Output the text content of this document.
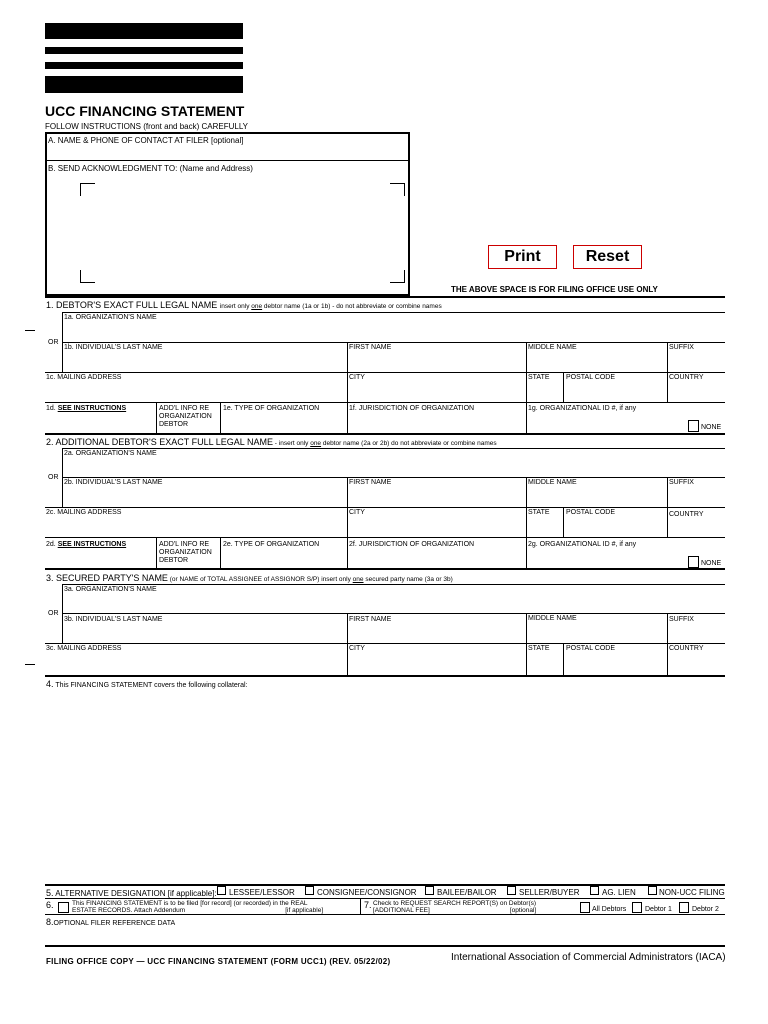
UCC FINANCING STATEMENT
FOLLOW INSTRUCTIONS (front and back) CAREFULLY
A. NAME & PHONE OF CONTACT AT FILER [optional]
B. SEND ACKNOWLEDGMENT TO: (Name and Address)
Print	Reset
THE ABOVE SPACE IS FOR FILING OFFICE USE ONLY
1. DEBTOR'S EXACT FULL LEGAL NAME insert only one debtor name (1a or 1b) - do not abbreviate or combine names
1a. ORGANIZATION'S NAME
OR
1b. INDIVIDUAL'S LAST NAME	FIRST NAME	MIDDLE NAME	SUFFIX
1c. MAILING ADDRESS	CITY	STATE POSTAL CODE	COUNTRY
1d. SEE INSTRUCTIONS	ADD'L INFO RE
ORGANIZATION
DEBTOR
1e. TYPE OF ORGANIZATION	1f. JURISDICTION OF ORGANIZATION	1g. ORGANIZATIONAL ID #, if any
NONE
2. ADDITIONAL DEBTOR'S EXACT FULL LEGAL NAME - insert only one debtor name (2a or 2b) do not abbreviate or combine names
2a. ORGANIZATION'S NAME
OR
2b. INDIVIDUAL'S LAST NAME	FIRST NAME	MIDDLE NAME	SUFFIX
2c. MAILING ADDRESS	CITY	STATE POSTAL CODE	COUNTRY
2d. SEE INSTRUCTIONS	ADD'L INFO RE
ORGANIZATION
DEBTOR
2e. TYPE OF ORGANIZATION	2f. JURISDICTION OF ORGANIZATION	2g. ORGANIZATIONAL ID #, if any
NONE
3. SECURED PARTY'S NAME (or NAME of TOTAL ASSIGNEE of ASSIGNOR S/P) insert only one secured party name (3a or 3b)
3a. ORGANIZATION'S NAME
OR
3b. INDIVIDUAL'S LAST NAME	FIRST NAME	MIDDLE NAME	SUFFIX
3c. MAILING ADDRESS	CITY	STATE POSTAL CODE	COUNTRY
4. This FINANCING STATEMENT covers the following collateral:
5. ALTERNATIVE DESIGNATION [if applicable]: LESSEE/LESSOR	CONSIGNEE/CONSIGNOR	BAILEE/BAILOR	SELLER/BUYER	AG. LIEN	NON-UCC FILING
6.	This FINANCING STATEMENT is to be filed [for record] (or recorded) in the REAL
ESTATE RECORDS. Attach Addendum	[if applicable]
7. Check to REQUEST SEARCH REPORT(S) on Debtor(s)
[ADDITIONAL FEE]	[optional]	All Debtors	Debtor 1	Debtor 2
8.OPTIONAL FILER REFERENCE DATA
FILING OFFICE COPY — UCC FINANCING STATEMENT (FORM UCC1) (REV. 05/22/02)	International Association of Commercial Administrators (IACA)
